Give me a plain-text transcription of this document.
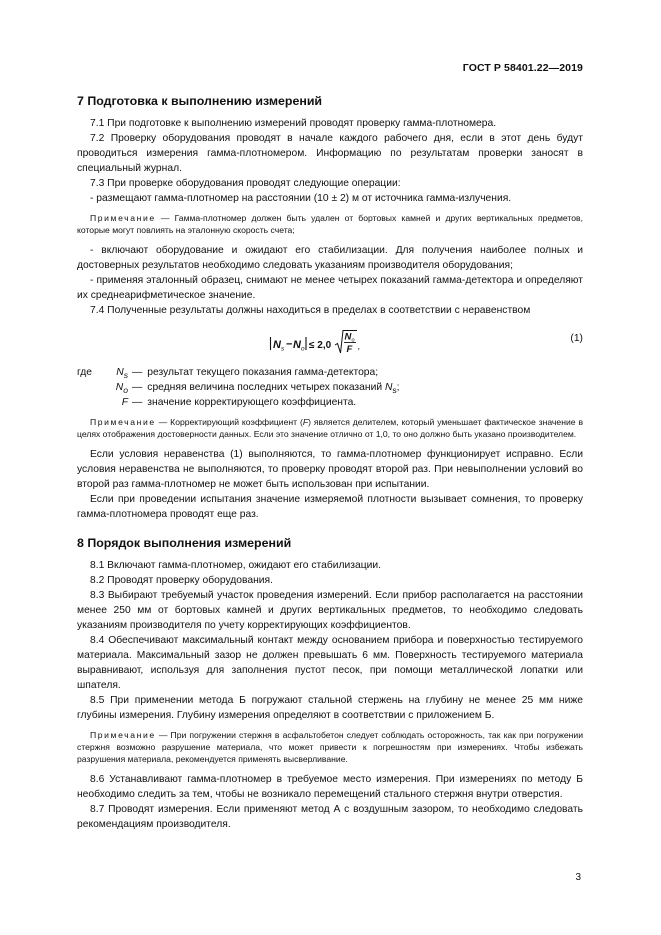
ГОСТ Р 58401.22—2019
7 Подготовка к выполнению измерений

7.1 При подготовке к выполнению измерений проводят проверку гамма-плотномера.

7.2 Проверку оборудования проводят в начале каждого рабочего дня, если в этот день будут проводиться измерения гамма-плотномером. Информацию по результатам проверки заносят в специальный журнал.

7.3 При проверке оборудования проводят следующие операции:

- размещают гамма-плотномер на расстоянии (10 ± 2) м от источника гамма-излучения.

Примечание — Гамма-плотномер должен быть удален от бортовых камней и других вертикальных предметов, которые могут повлиять на эталонную скорость счета;

- включают оборудование и ожидают его стабилизации. Для получения наиболее полных и достоверных результатов необходимо следовать указаниям производителя оборудования;

- применяя эталонный образец, снимают не менее четырех показаний гамма-детектора и определяют их среднеарифметическое значение.

7.4 Полученные результаты должны находиться в пределах в соответствии с неравенством

N s − N o ≤ 2,0
N o
F ,
(1)
где	$N_s$ — результат текущего показания гамма-детектора;
$N_o$ — средняя величина последних четырех показаний $N_s$;
F — значение корректирующего коэффициента.

Примечание — Корректирующий коэффициент (F) является делителем, который уменьшает фактическое значение в целях отображения достоверности данных. Если это значение отлично от 1,0, то оно должно быть указано производителем.

Если условия неравенства (1) выполняются, то гамма-плотномер функционирует исправно. Если условия неравенства не выполняются, то проверку проводят второй раз. При невыполнении условий во второй раз гамма-плотномер не может быть использован при испытании.

Если при проведении испытания значение измеряемой плотности вызывает сомнения, то проверку гамма-плотномера проводят еще раз.

8 Порядок выполнения измерений

8.1 Включают гамма-плотномер, ожидают его стабилизации.

8.2 Проводят проверку оборудования.

8.3 Выбирают требуемый участок проведения измерений. Если прибор располагается на расстоянии менее 250 мм от бортовых камней и других вертикальных предметов, то необходимо следовать указаниям производителя по учету корректирующих коэффициентов.

8.4 Обеспечивают максимальный контакт между основанием прибора и поверхностью тестируемого материала. Максимальный зазор не должен превышать 6 мм. Поверхность тестируемого материала выравнивают, используя для заполнения пустот песок, при помощи металлической лопатки или шпателя.

8.5 При применении метода Б погружают стальной стержень на глубину не менее 25 мм ниже глубины измерения. Глубину измерения определяют в соответствии с приложением Б.

Примечание — При погружении стержня в асфальтобетон следует соблюдать осторожность, так как при погружении стержня возможно разрушение материала, что может привести к погрешностям при измерениях. Чтобы избежать разрушения материала, рекомендуется применять высверливание.

8.6 Устанавливают гамма-плотномер в требуемое место измерения. При измерениях по методу Б необходимо следить за тем, чтобы не возникало перемещений стального стержня внутри отверстия.

8.7 Проводят измерения. Если применяют метод А с воздушным зазором, то необходимо следовать рекомендациям производителя.

3
